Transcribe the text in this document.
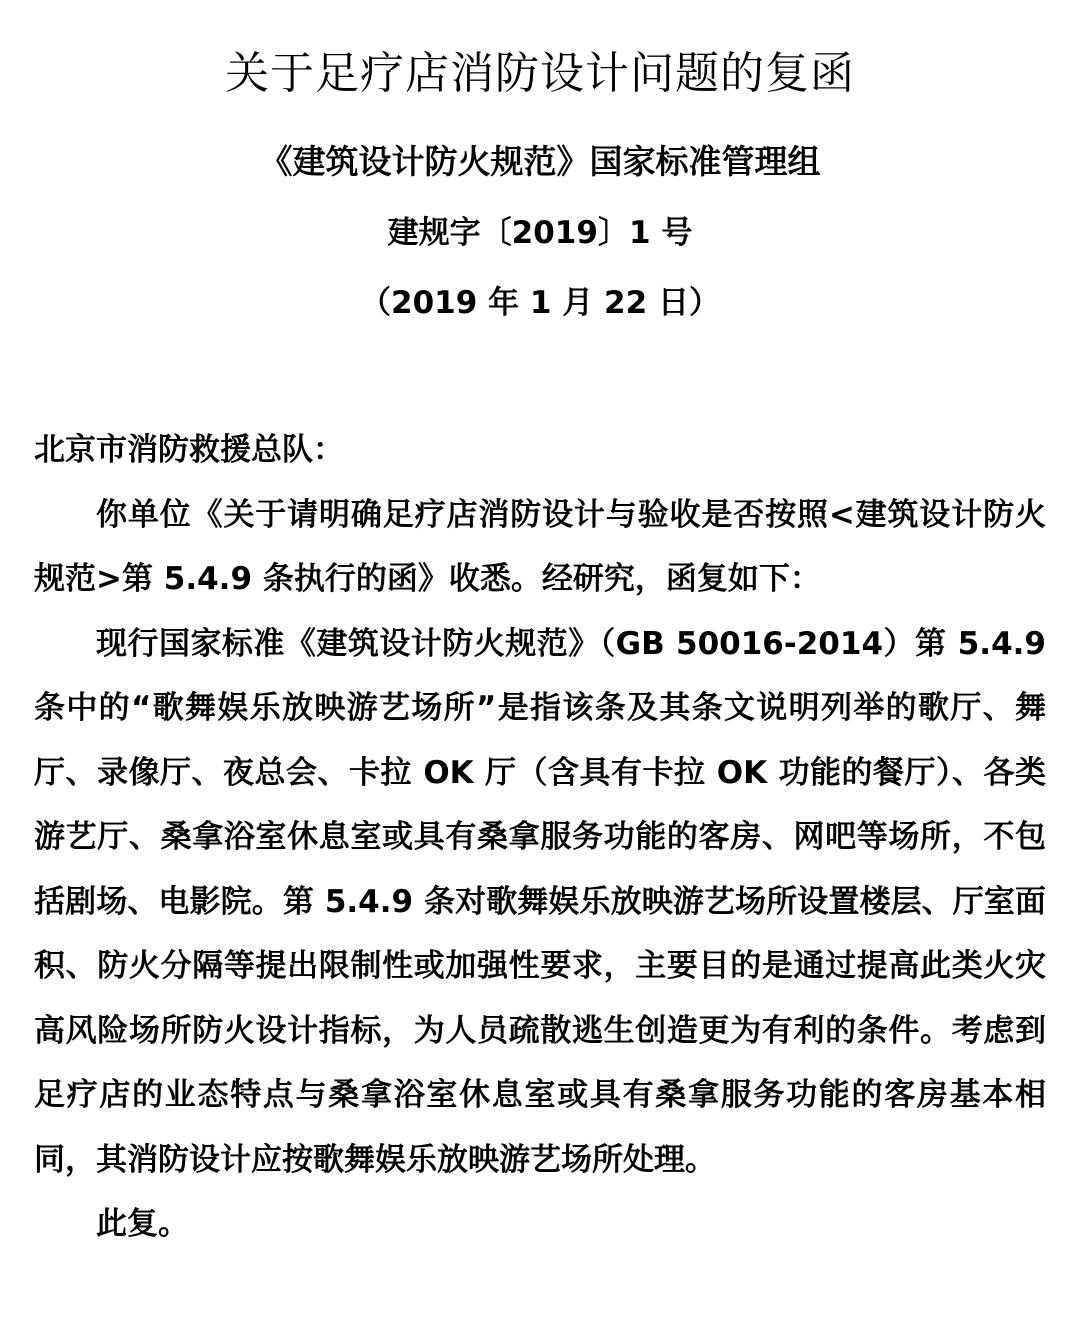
关于足疗店消防设计问题的复函
《建筑设计防火规范》国家标准管理组
建规字〔2019〕1 号
（2019 年 1 月 22 日）

北京市消防救援总队：

你单位《关于请明确足疗店消防设计与验收是否按照<建筑设计防火规范>第 5.4.9 条执行的函》收悉。经研究，函复如下：

现行国家标准《建筑设计防火规范》（GB 50016-2014）第 5.4.9 条中的“歌舞娱乐放映游艺场所”是指该条及其条文说明列举的歌厅、舞厅、录像厅、夜总会、卡拉 OK 厅（含具有卡拉 OK 功能的餐厅）、各类游艺厅、桑拿浴室休息室或具有桑拿服务功能的客房、网吧等场所，不包括剧场、电影院。第 5.4.9 条对歌舞娱乐放映游艺场所设置楼层、厅室面积、防火分隔等提出限制性或加强性要求，主要目的是通过提高此类火灾高风险场所防火设计指标，为人员疏散逃生创造更为有利的条件。考虑到足疗店的业态特点与桑拿浴室休息室或具有桑拿服务功能的客房基本相同，其消防设计应按歌舞娱乐放映游艺场所处理。

此复。
